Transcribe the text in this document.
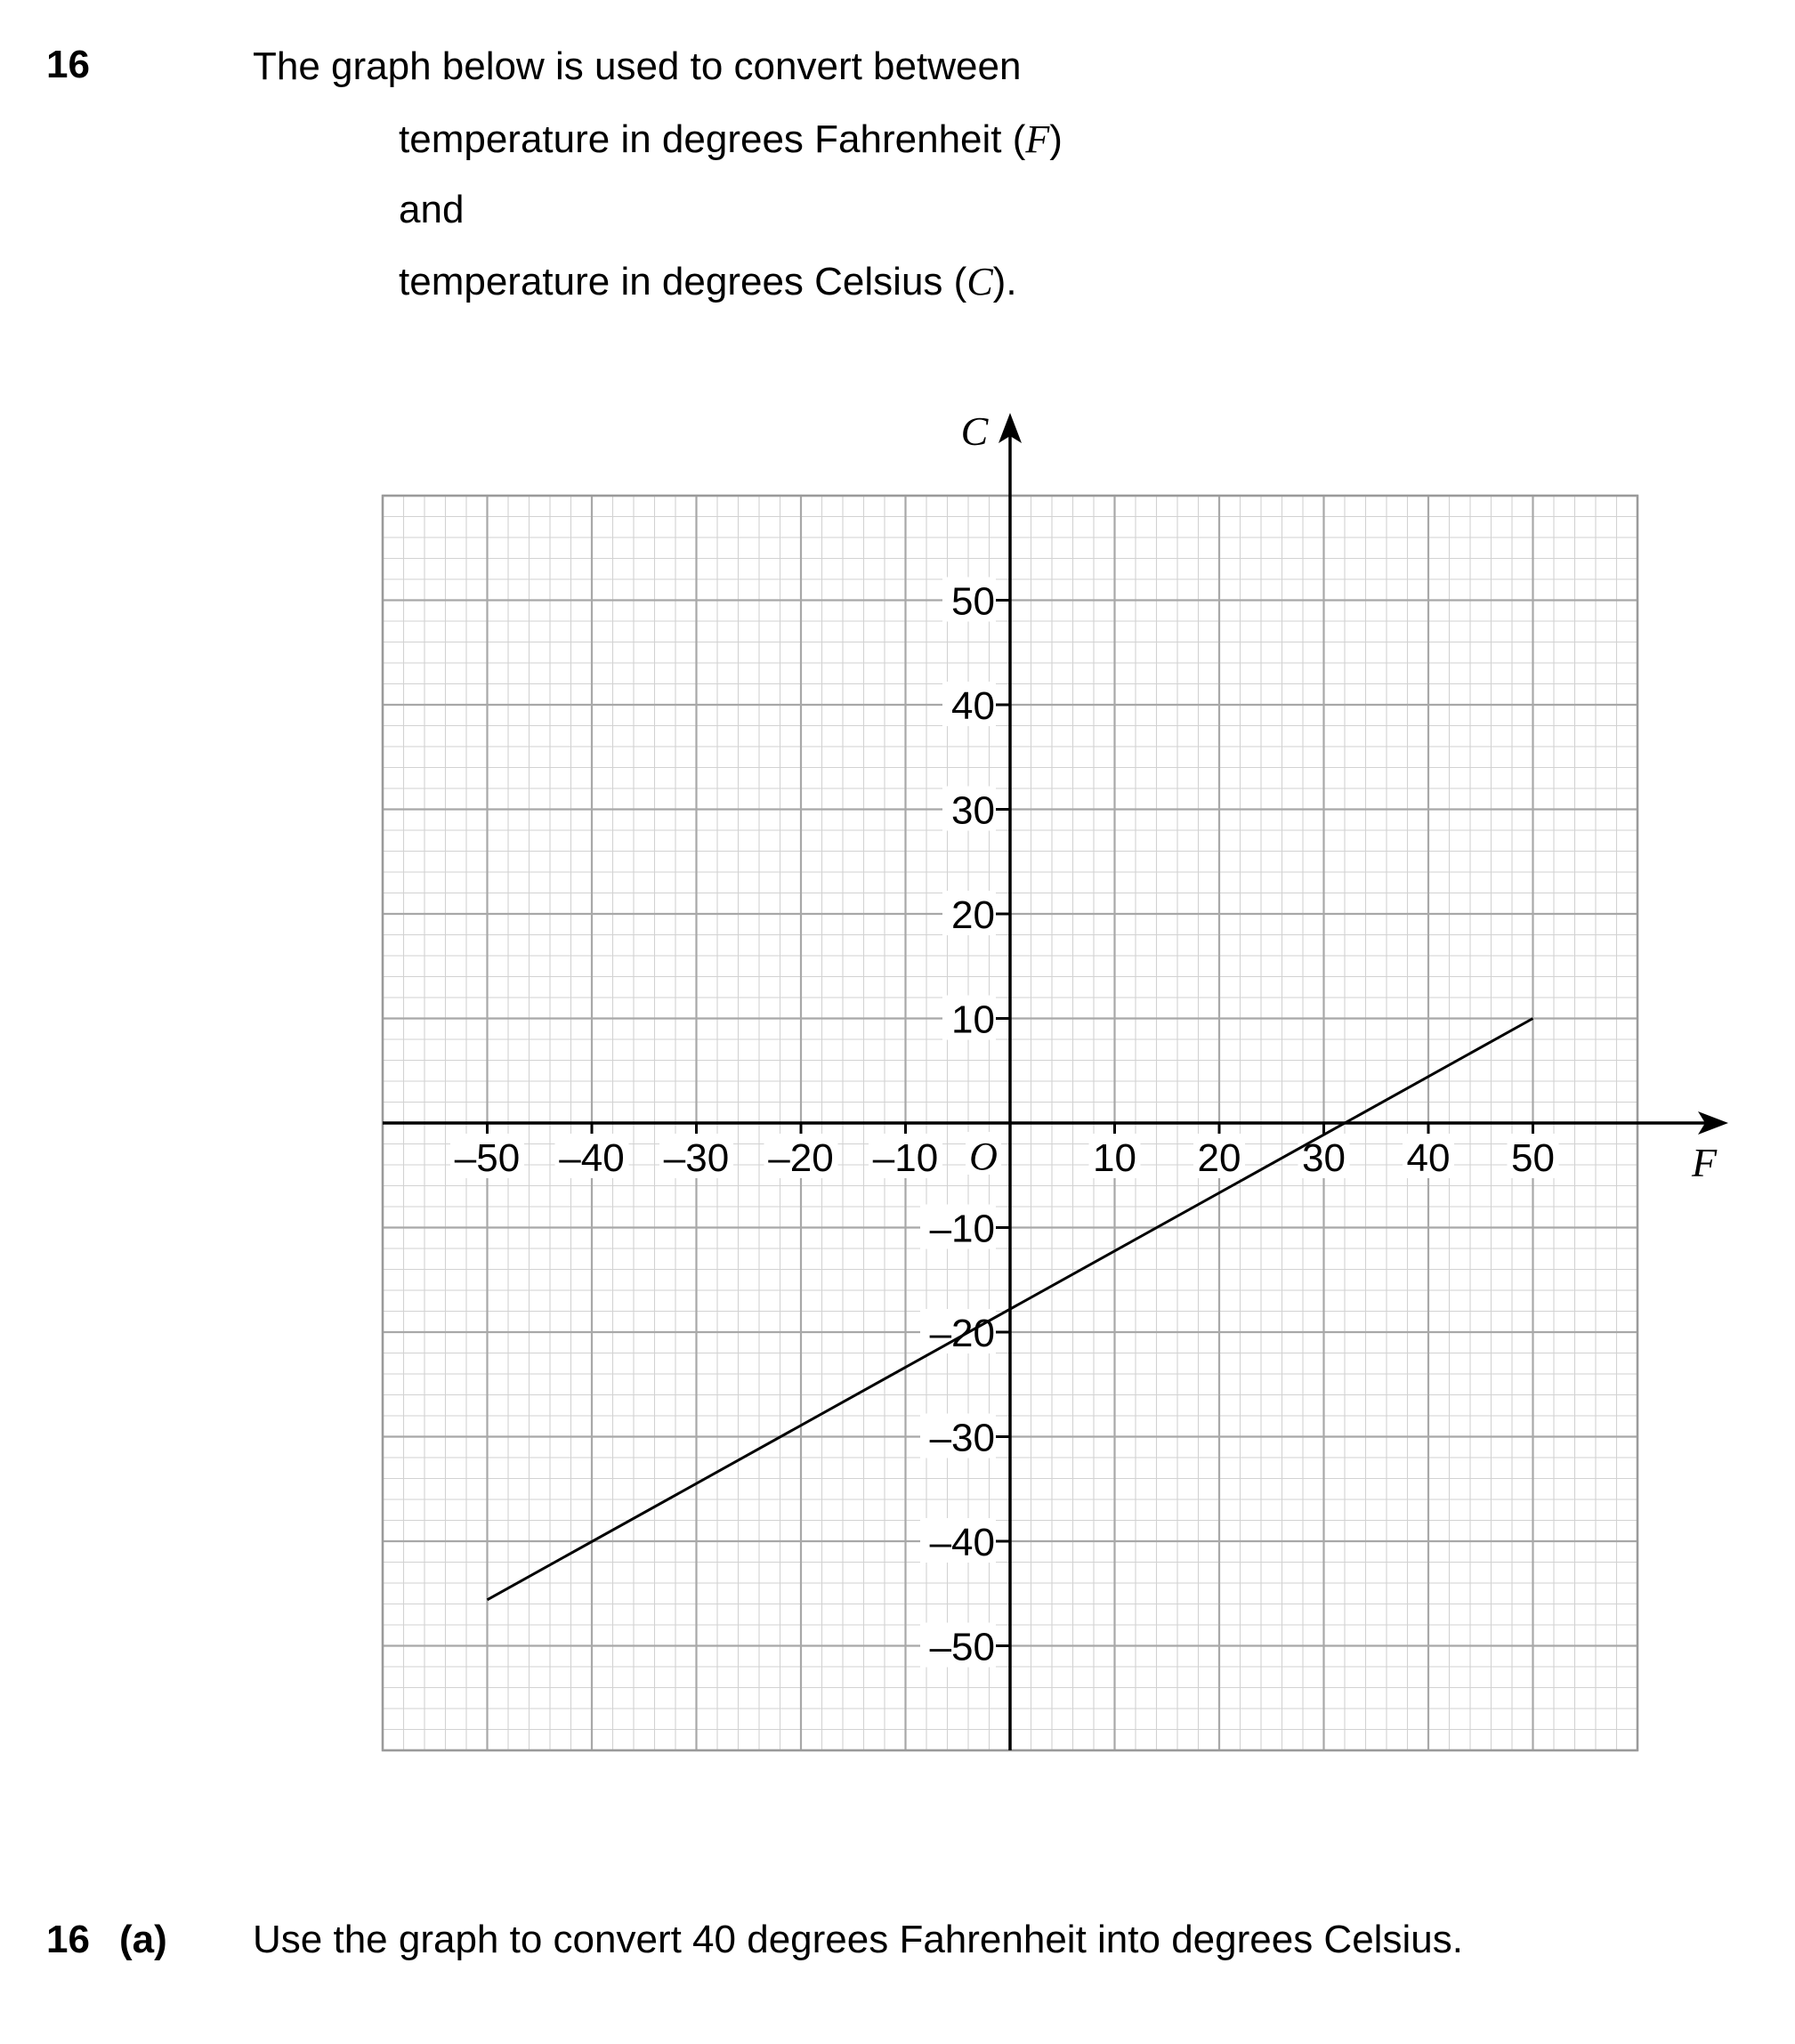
16	The graph below is used to convert between
temperature in degrees Fahrenheit (F)
and
temperature in degrees Celsius (C).
–50 –40 –30 –20 –10	10 20 30 40 50
50
40
30
20
10
–10
–20
–30
–40
–50
O	F
C
16 (a) Use the graph to convert 40 degrees Fahrenheit into degrees Celsius.
